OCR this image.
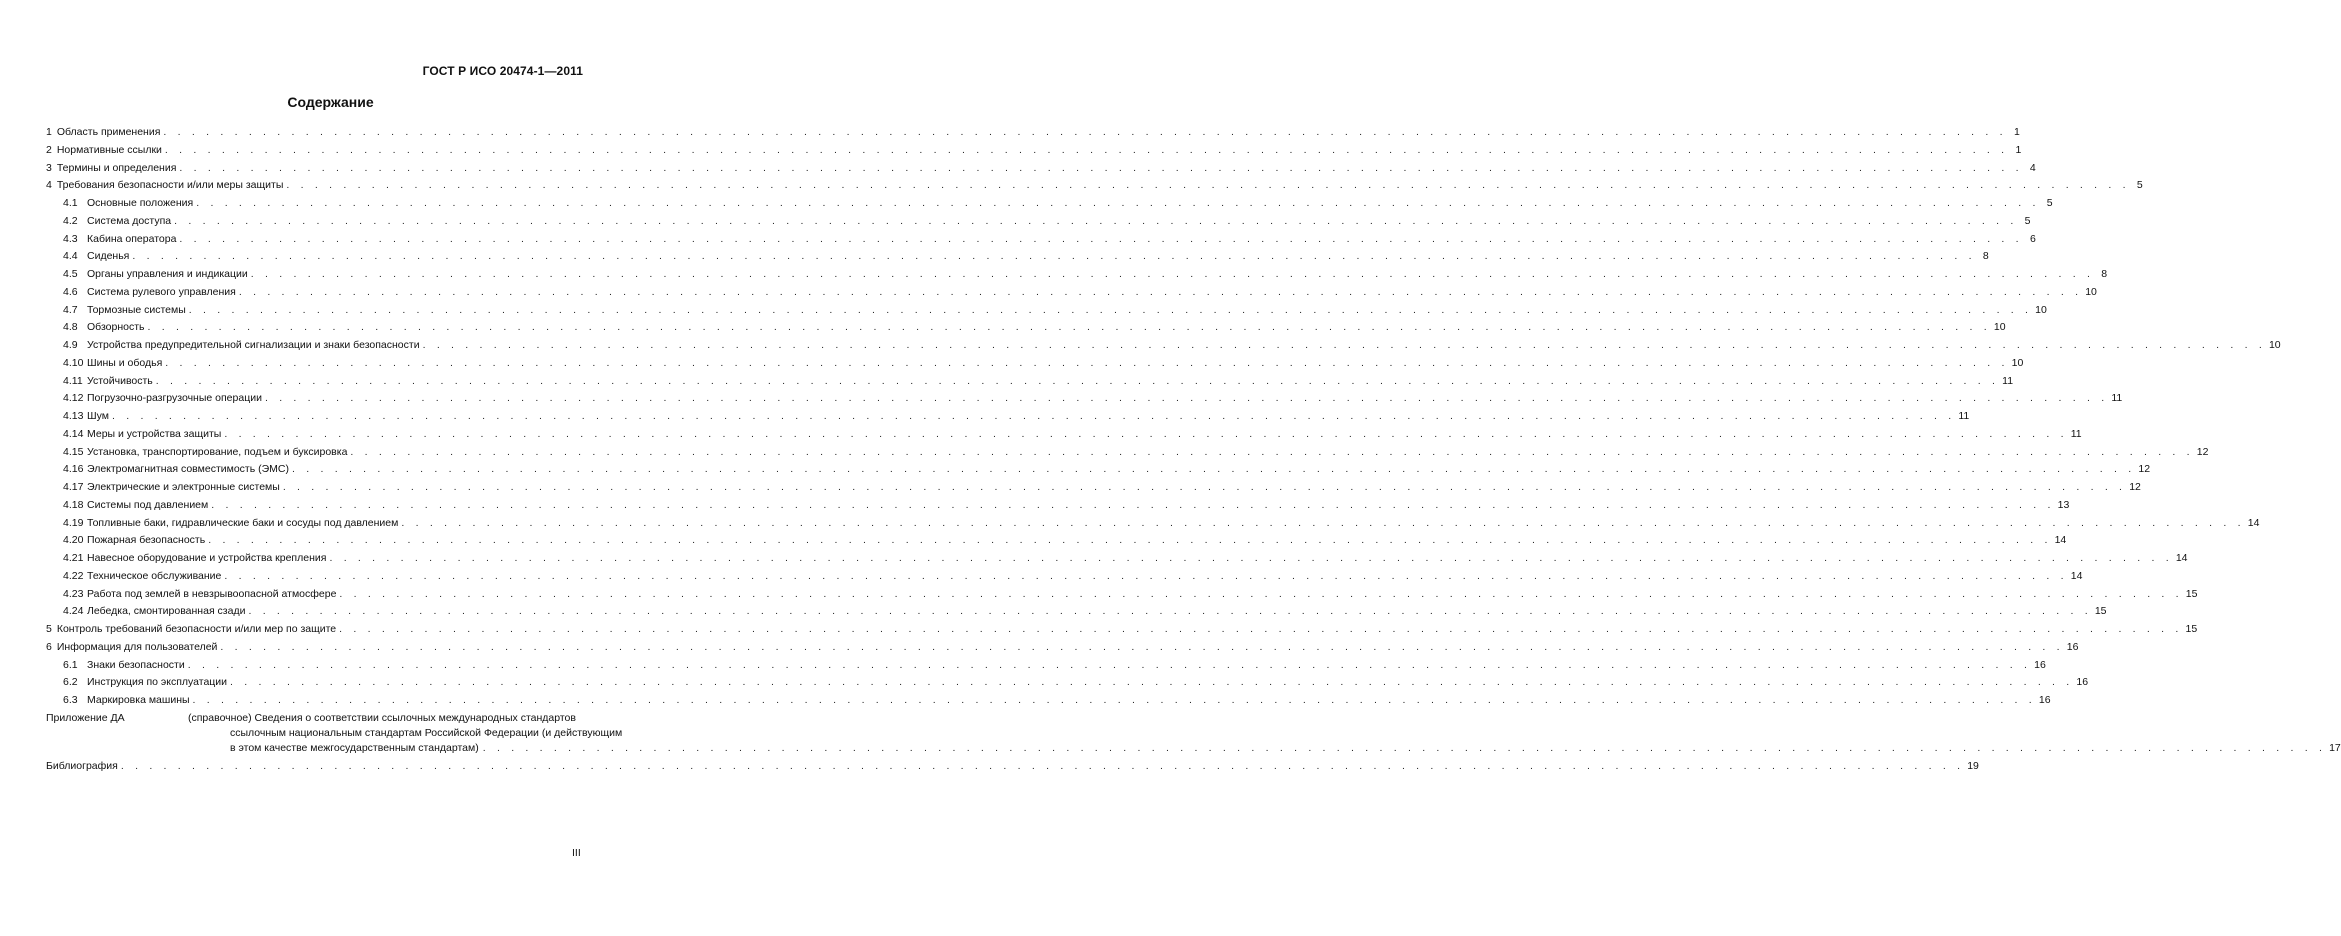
ГОСТ Р ИСО 20474-1—2011
Содержание
1 Область применения . . .	1
2 Нормативные ссылки . . .	1
3 Термины и определения . . .	4
4 Требования безопасности и/или меры защиты . . .	5
4.1 Основные положения . . .	5
4.2 Система доступа . . .	5
4.3 Кабина оператора . . .	6
4.4 Сиденья . . .	8
4.5 Органы управления и индикации . . .	8
4.6 Система рулевого управления . . .	10
4.7 Тормозные системы . . .	10
4.8 Обзорность . . .	10
4.9 Устройства предупредительной сигнализации и знаки безопасности . . .	10
4.10 Шины и ободья . . .	10
4.11 Устойчивость . . .	11
4.12 Погрузочно-разгрузочные операции . . .	11
4.13 Шум . . .	11
4.14 Меры и устройства защиты . . .	11
4.15 Установка, транспортирование, подъем и буксировка . . .	12
4.16 Электромагнитная совместимость (ЭМС) . . .	12
4.17 Электрические и электронные системы . . .	12
4.18 Системы под давлением . . .	13
4.19 Топливные баки, гидравлические баки и сосуды под давлением . . .	14
4.20 Пожарная безопасность . . .	14
4.21 Навесное оборудование и устройства крепления . . .	14
4.22 Техническое обслуживание . . .	14
4.23 Работа под землей в невзрывоопасной атмосфере . . .	15
4.24 Лебедка, смонтированная сзади . . .	15
5 Контроль требований безопасности и/или мер по защите . . .	15
6 Информация для пользователей . . .	16
6.1 Знаки безопасности . . .	16
6.2 Инструкция по эксплуатации . . .	16
6.3 Маркировка машины . . .	16
Приложение ДА	(справочное) Сведения о соответствии ссылочных международных стандартов
ссылочным национальным стандартам Российской Федерации (и действующим
в этом качестве межгосударственным стандартам) . . .	17
Библиография . . .	19
III
